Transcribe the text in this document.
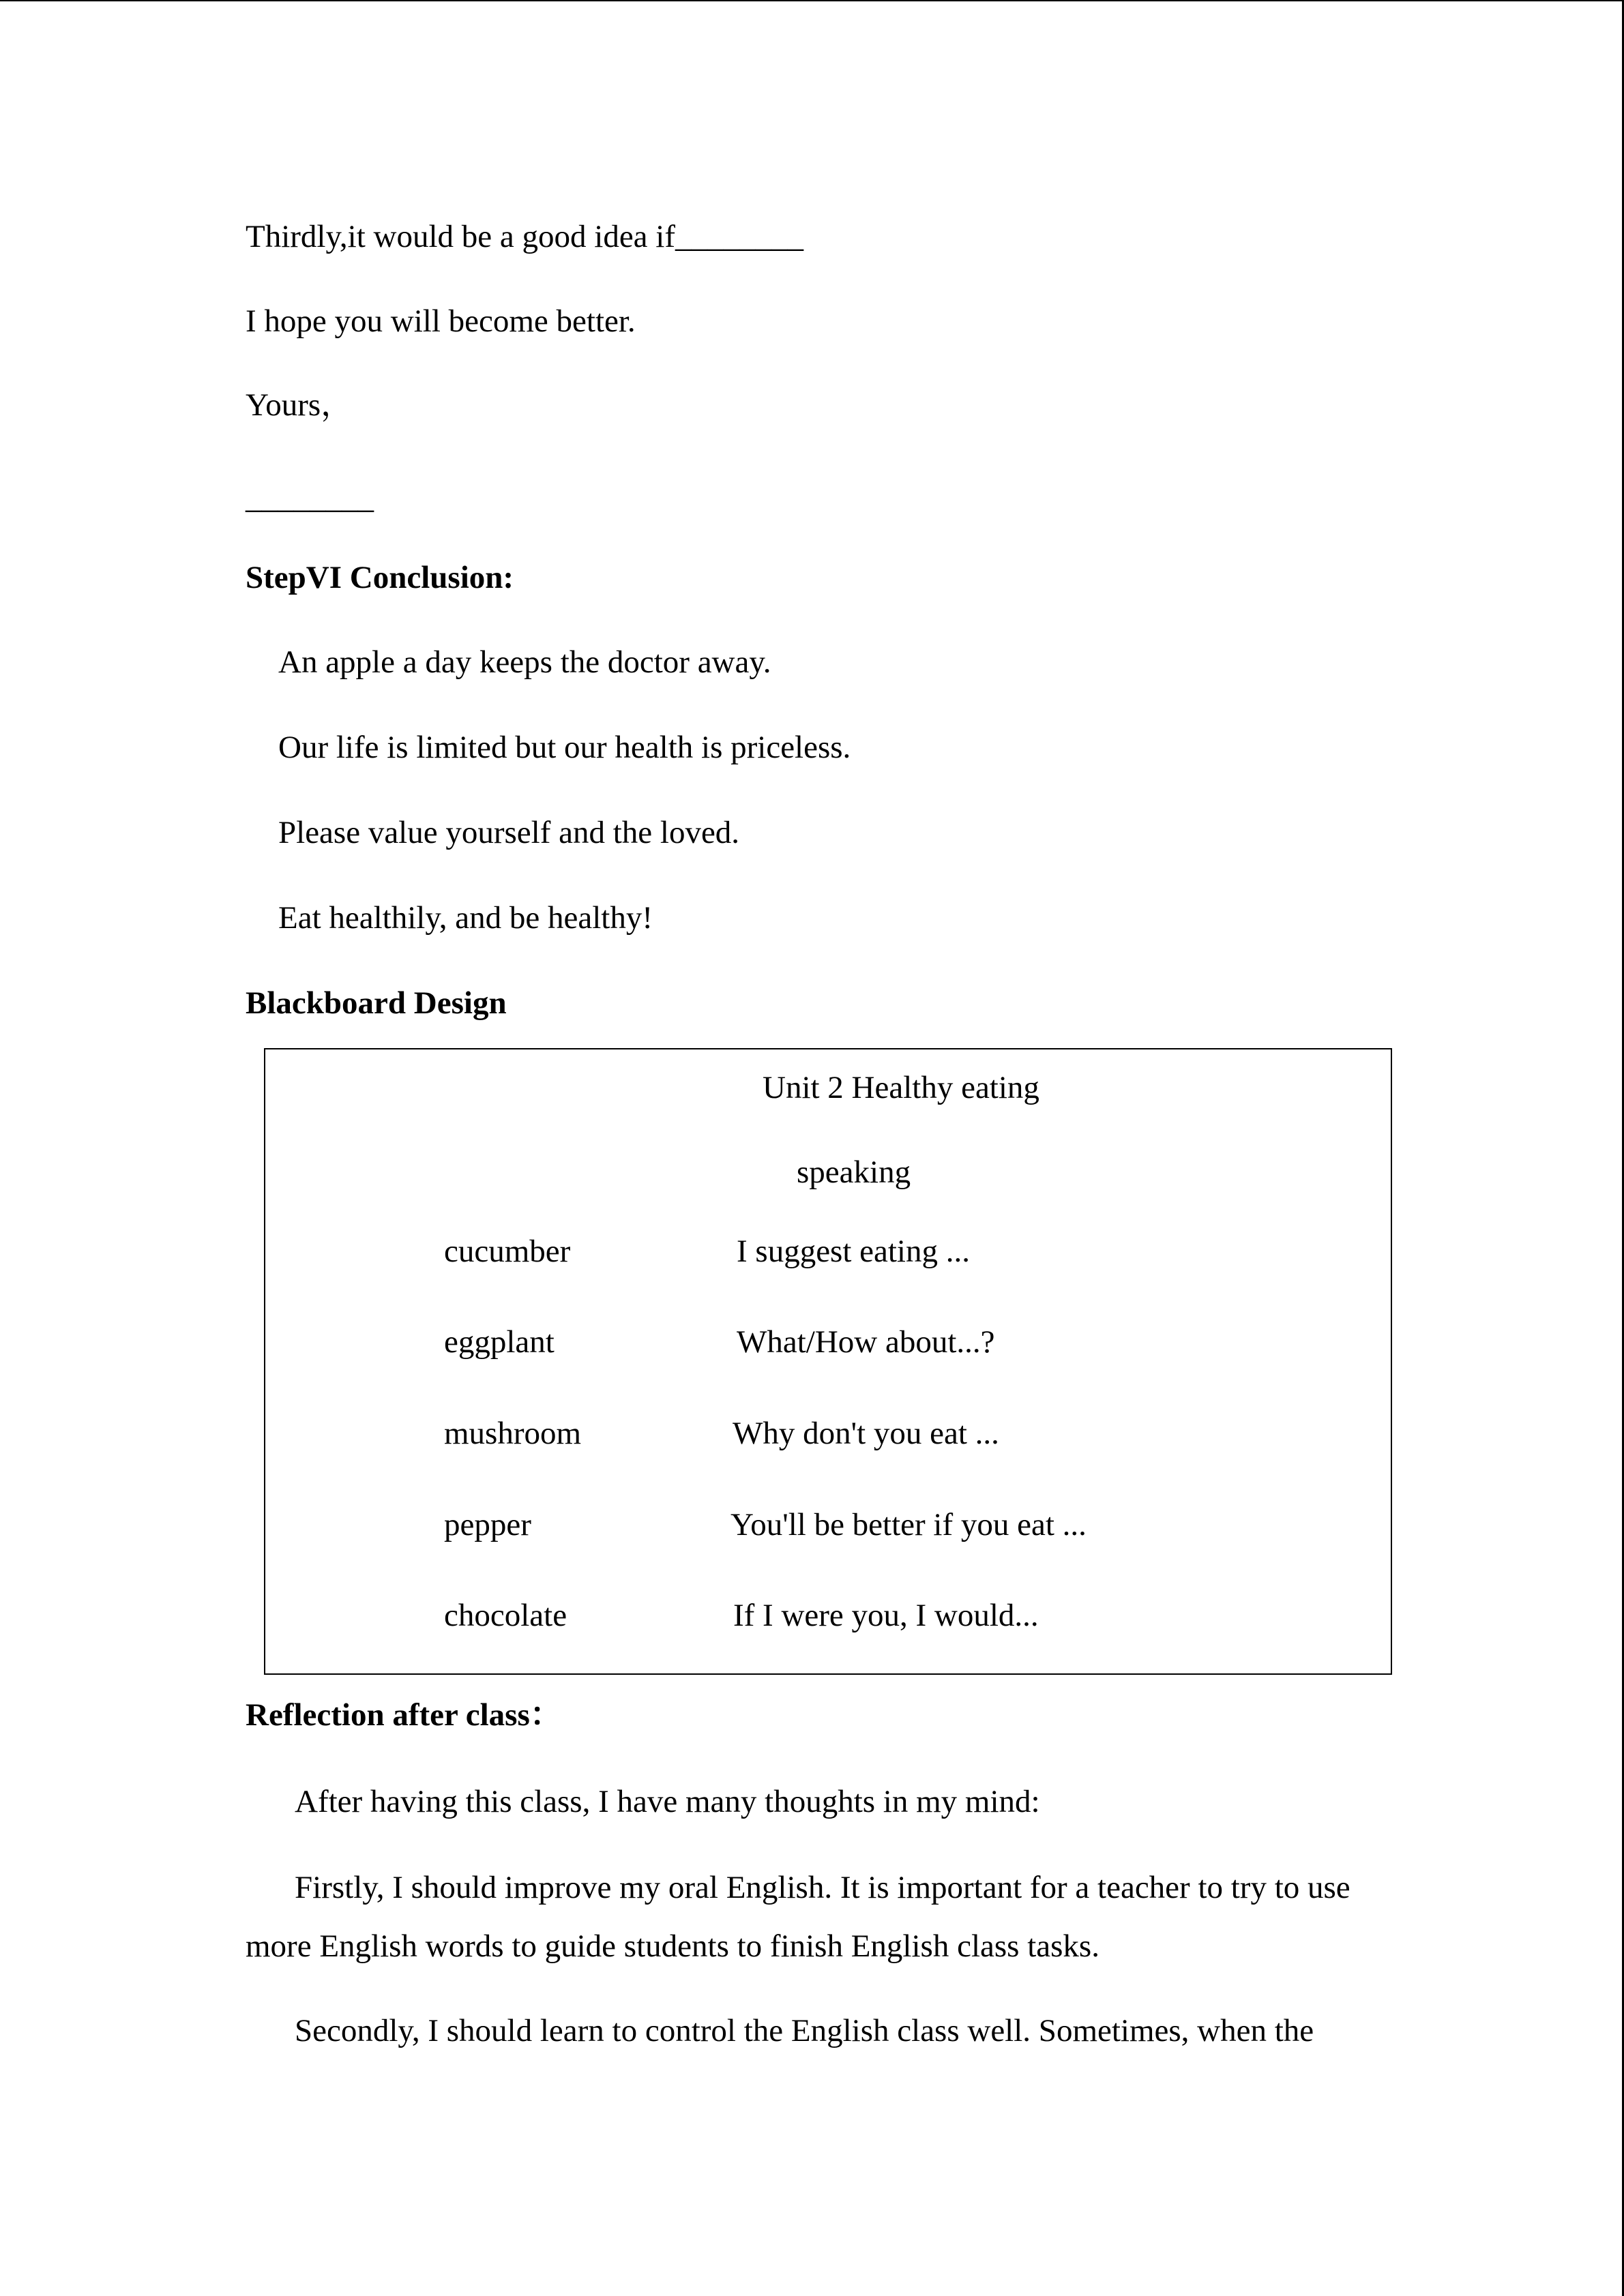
Thirdly,it would be a good idea if________
I hope you will become better.
Yours，
________
StepVI Conclusion:
An apple a day keeps the doctor away.
Our life is limited but our health is priceless.
Please value yourself and the loved.
Eat healthily, and be healthy!
Blackboard Design
Unit 2 Healthy eating
speaking
cucumber	I suggest eating ...
eggplant	What/How about...?
mushroom	Why don't you eat ...
pepper	You'll be better if you eat ...
chocolate	If I were you, I would...
Reflection after class：
After having this class, I have many thoughts in my mind:
Firstly, I should improve my oral English. It is important for a teacher to try to use
more English words to guide students to finish English class tasks.
Secondly, I should learn to control the English class well. Sometimes, when the
